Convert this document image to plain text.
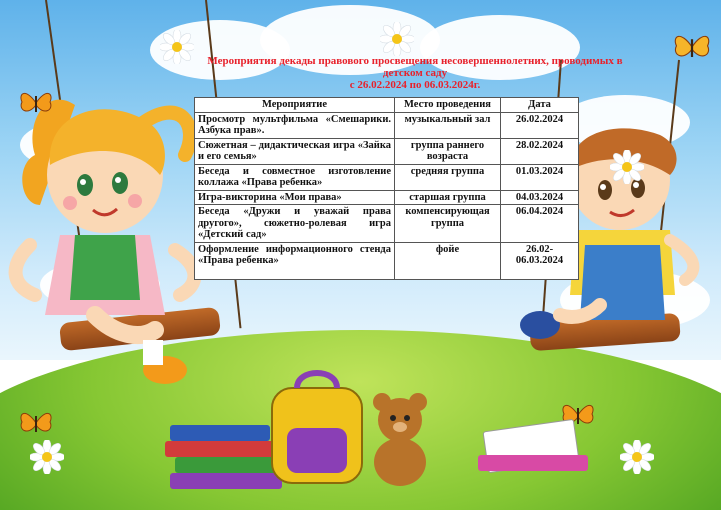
Мероприятия декады правового просвещения несовершеннолетних, проводимых в
детском саду
с 26.02.2024 по 06.03.2024г.
Мероприятие	Место проведения	Дата
Просмотр мультфильма «Смешарики. Азбука прав».	музыкальный зал	26.02.2024
Сюжетная – дидактическая игра «Зайка и его семья»	группа раннего возраста	28.02.2024
Беседа и совместное изготовление коллажа «Права ребенка»	средняя группа	01.03.2024
Игра-викторина «Мои права»	старшая группа	04.03.2024
Беседа «Дружи и уважай права другого», сюжетно-ролевая игра «Детский сад»	компенсирующая группа	06.04.2024
Оформление информационного стенда «Права ребенка»	фойе	26.02-06.03.2024
